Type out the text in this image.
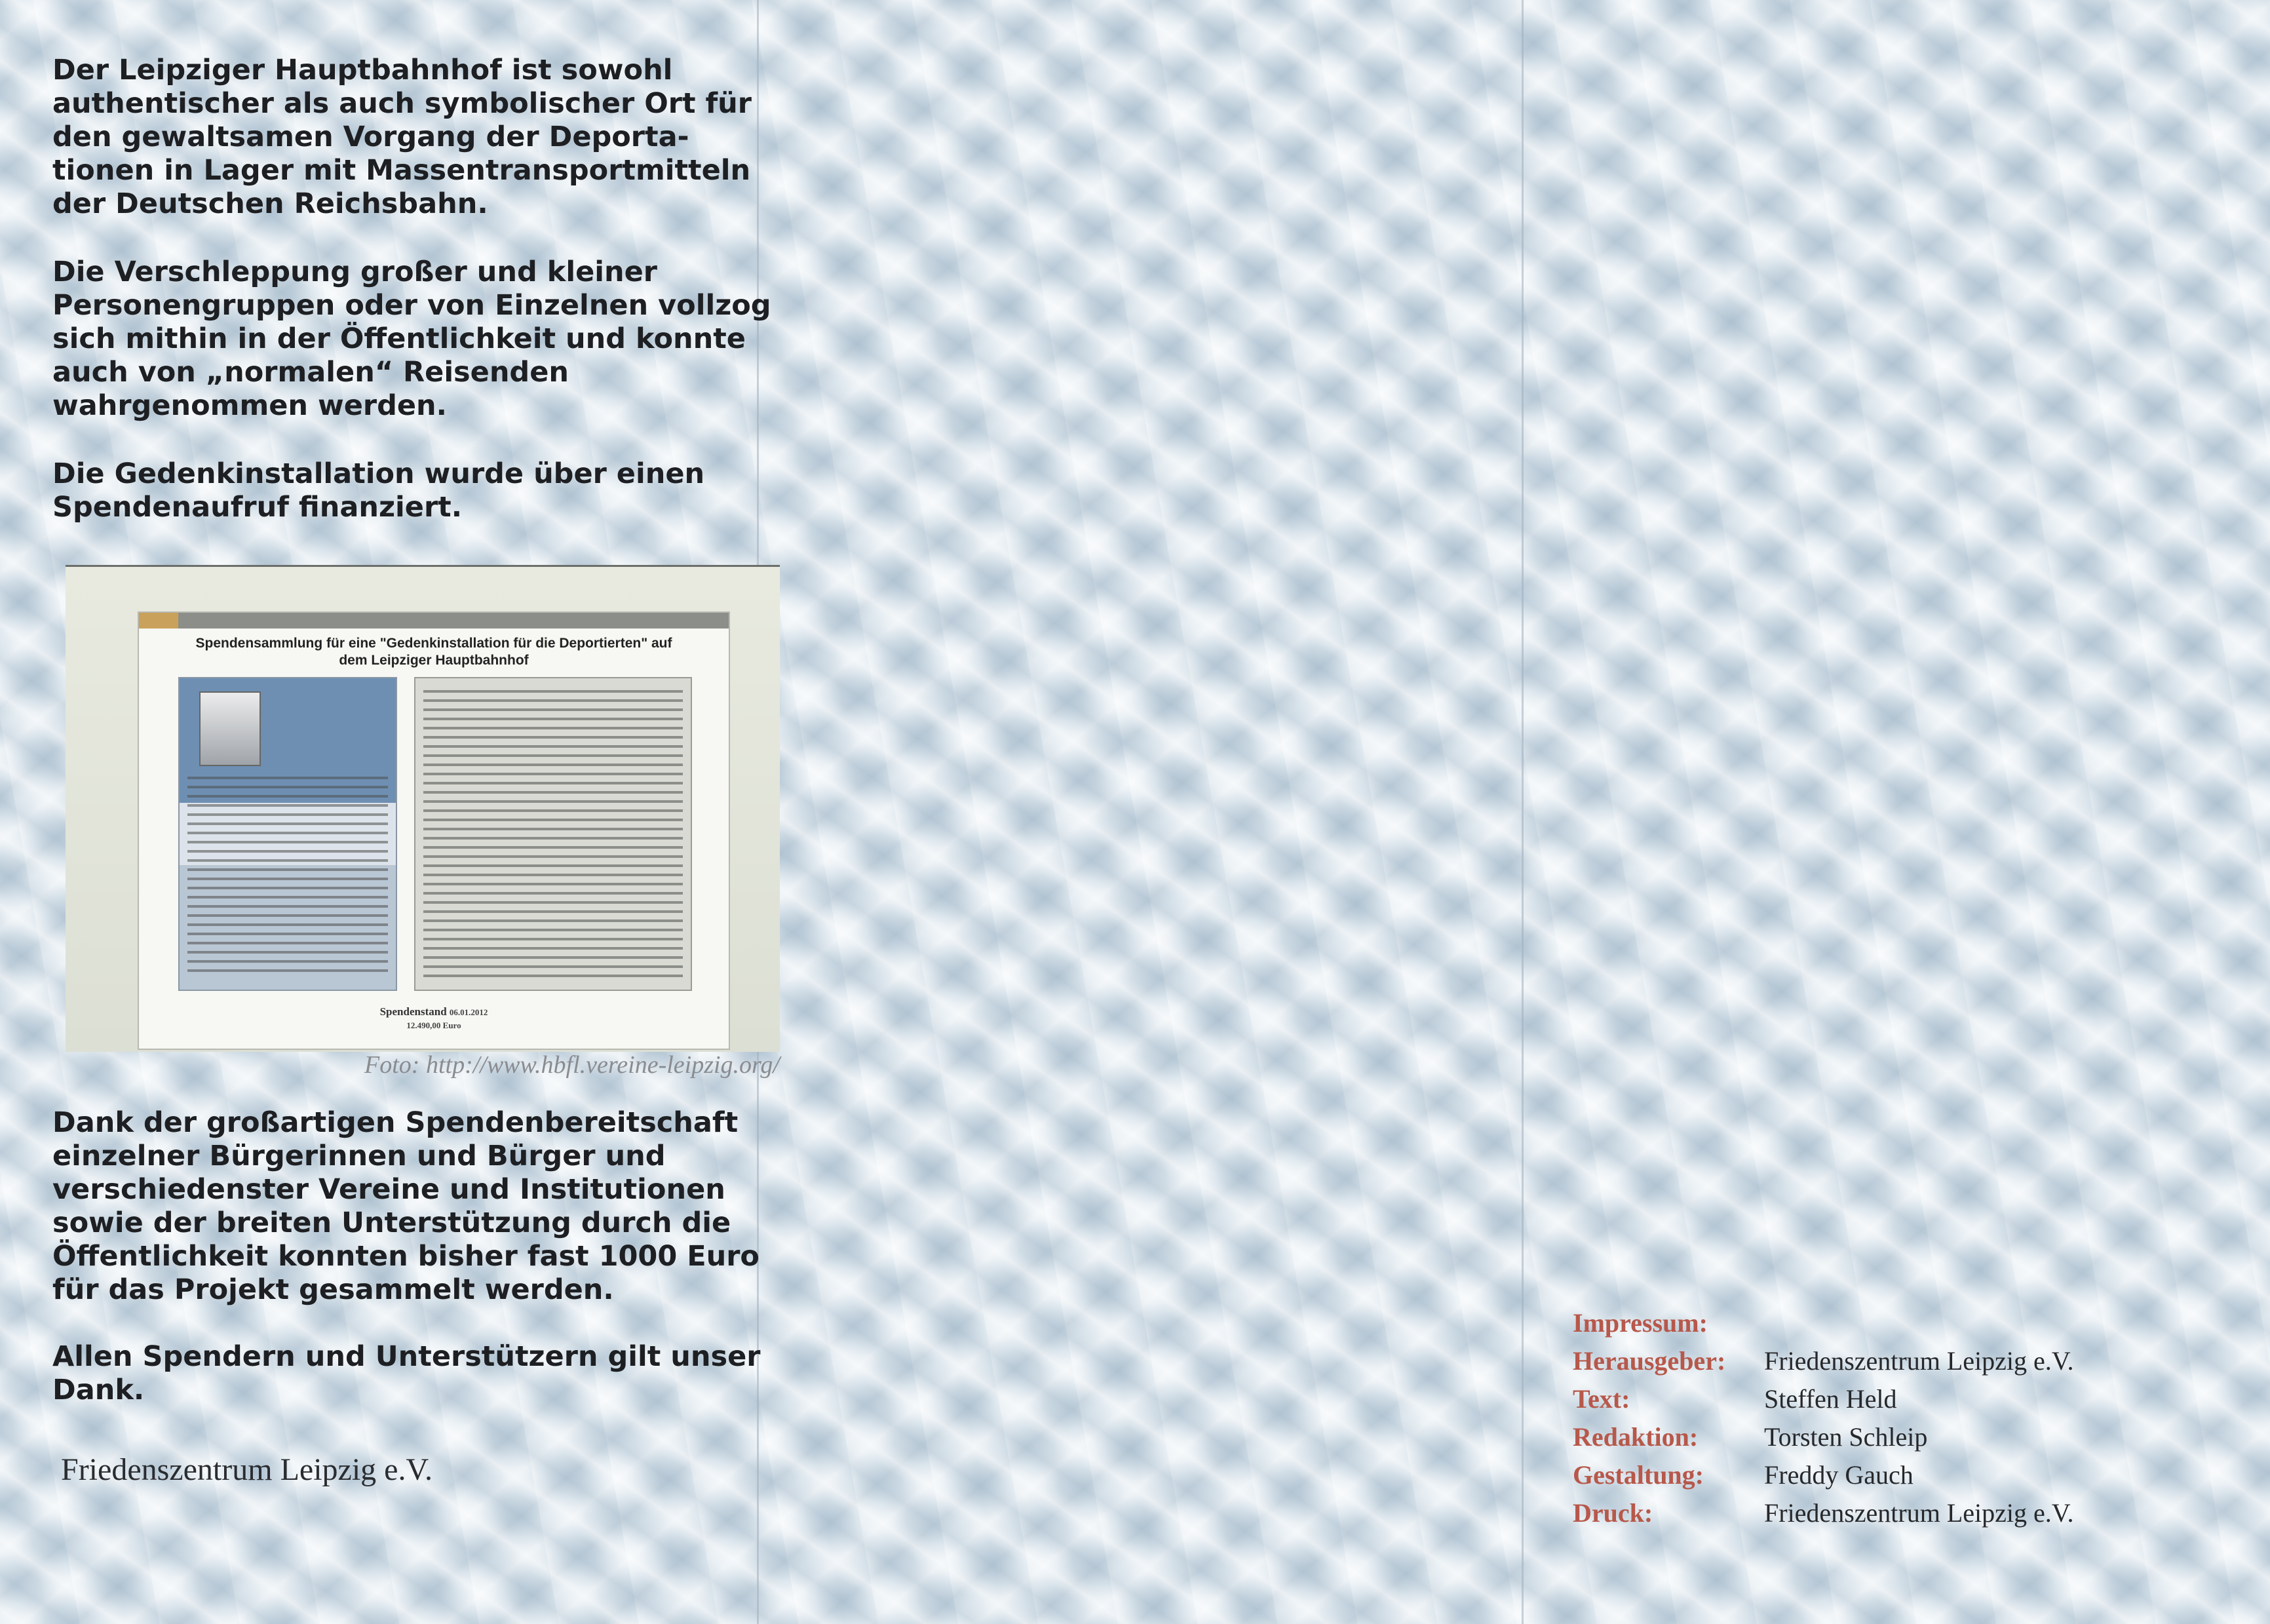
Der Leipziger Hauptbahnhof ist sowohl
authentischer als auch symbolischer Ort für
den gewaltsamen Vorgang der Deporta-
tionen in Lager mit Massentransportmitteln
der Deutschen Reichsbahn.
Die Verschleppung großer und kleiner
Personengruppen oder von Einzelnen vollzog
sich mithin in der Öffentlichkeit und konnte
auch von „normalen“ Reisenden
wahrgenommen werden.
Die Gedenkinstallation wurde über einen
Spendenaufruf finanziert.
Spendensammlung für eine "Gedenkinstallation für die Deportierten" auf
dem Leipziger Hauptbahnhof
Spendenstand 06.01.2012
12.490,00 Euro
Foto: http://www.hbfl.vereine-leipzig.org/
Dank der großartigen Spendenbereitschaft
einzelner Bürgerinnen und Bürger und
verschiedenster Vereine und Institutionen
sowie der breiten Unterstützung durch die
Öffentlichkeit konnten bisher fast 1000 Euro
für das Projekt gesammelt werden.
Allen Spendern und Unterstützern gilt unser
Dank.
Friedenszentrum Leipzig e.V.
Impressum:
Herausgeber: Friedenszentrum Leipzig e.V.
Text:	Steffen Held
Redaktion:	Torsten Schleip
Gestaltung: Freddy Gauch
Druck:	Friedenszentrum Leipzig e.V.
